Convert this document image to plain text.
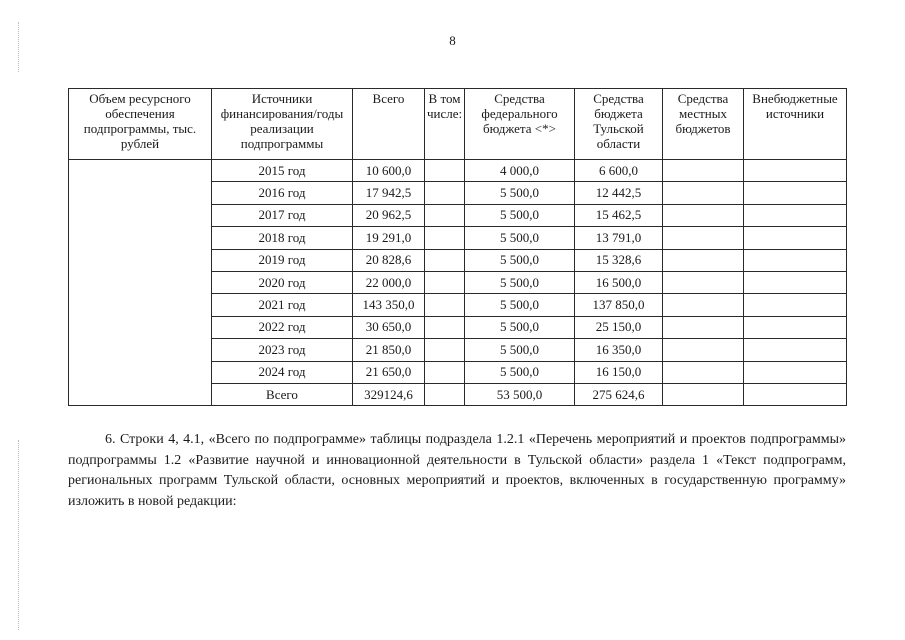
8
Объем ресурсного обеспечения подпрограммы, тыс. рублей	Источники финансирования/годы реализации подпрограммы	Всего	В том числе:	Средства федерального бюджета <*>	Средства бюджета Тульской области	Средства местных бюджетов	Внебюджетные источники
	2015 год	10 600,0		4 000,0	6 600,0		
	2016 год	17 942,5		5 500,0	12 442,5		
	2017 год	20 962,5		5 500,0	15 462,5		
	2018 год	19 291,0		5 500,0	13 791,0		
	2019 год	20 828,6		5 500,0	15 328,6		
	2020 год	22 000,0		5 500,0	16 500,0		
	2021 год	143 350,0		5 500,0	137 850,0		
	2022 год	30 650,0		5 500,0	25 150,0		
	2023 год	21 850,0		5 500,0	16 350,0		
	2024 год	21 650,0		5 500,0	16 150,0		
	Всего	329124,6		53 500,0	275 624,6		

6. Строки 4, 4.1, «Всего по подпрограмме» таблицы подраздела 1.2.1 «Перечень мероприятий и проектов подпрограммы» подпрограммы 1.2 «Развитие научной и инновационной деятельности в Тульской области» раздела 1 «Текст подпрограмм, региональных программ Тульской области, основных мероприятий и проектов, включенных в государственную программу» изложить в новой редакции:
